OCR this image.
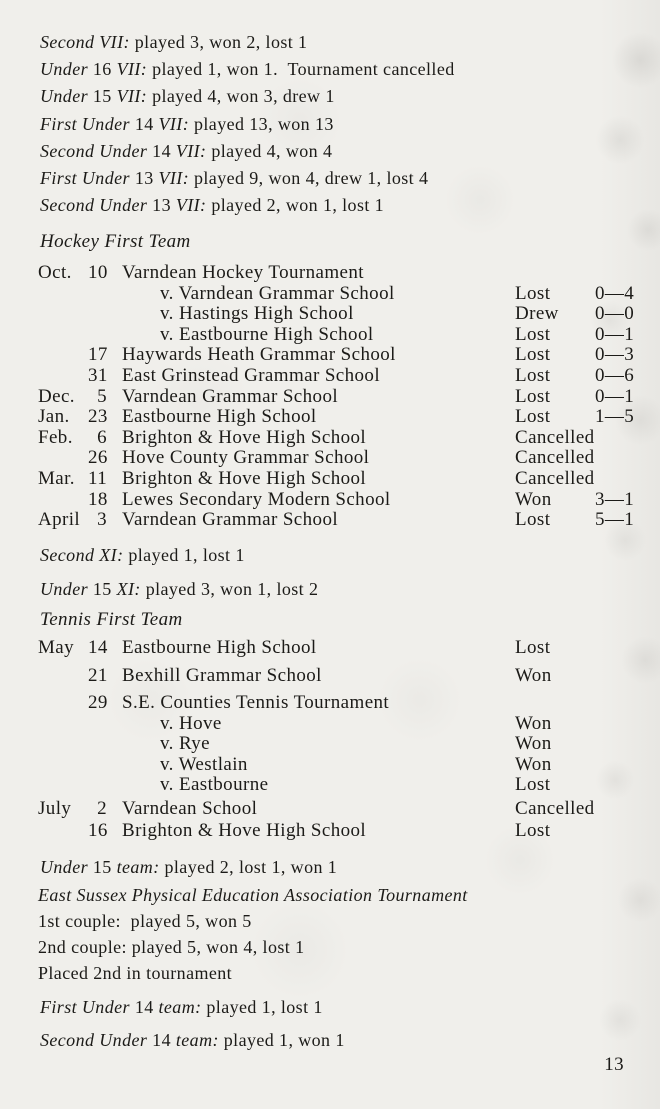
Second VII: played 3, won 2, lost 1
Under 16 VII: played 1, won 1.  Tournament cancelled
Under 15 VII: played 4, won 3, drew 1
First Under 14 VII: played 13, won 13
Second Under 14 VII: played 4, won 4
First Under 13 VII: played 9, won 4, drew 1, lost 4
Second Under 13 VII: played 2, won 1, lost 1
Hockey First Team
Oct. 10 Varndean Hockey Tournament
v. Varndean Grammar School	Lost	0—4
v. Hastings High School	Drew	0—0
v. Eastbourne High School	Lost	0—1
17 Haywards Heath Grammar School	Lost	0—3
31 East Grinstead Grammar School	Lost	0—6
Dec.	5 Varndean Grammar School	Lost	0—1
Jan. 23 Eastbourne High School	Lost	1—5
Feb.	6 Brighton & Hove High School	Cancelled
26 Hove County Grammar School	Cancelled
Mar. 11 Brighton & Hove High School	Cancelled
18 Lewes Secondary Modern School	Won	3—1
April 3 Varndean Grammar School	Lost	5—1
Second XI: played 1, lost 1
Under 15 XI: played 3, won 1, lost 2
Tennis First Team
May 14 Eastbourne High School	Lost
21 Bexhill Grammar School	Won
29 S.E. Counties Tennis Tournament
v. Hove	Won
v. Rye	Won
v. Westlain	Won
v. Eastbourne	Lost
July	2 Varndean School	Cancelled
16 Brighton & Hove High School	Lost
Under 15 team: played 2, lost 1, won 1
East Sussex Physical Education Association Tournament
1st couple:  played 5, won 5
2nd couple: played 5, won 4, lost 1
Placed 2nd in tournament
First Under 14 team: played 1, lost 1
Second Under 14 team: played 1, won 1
13
